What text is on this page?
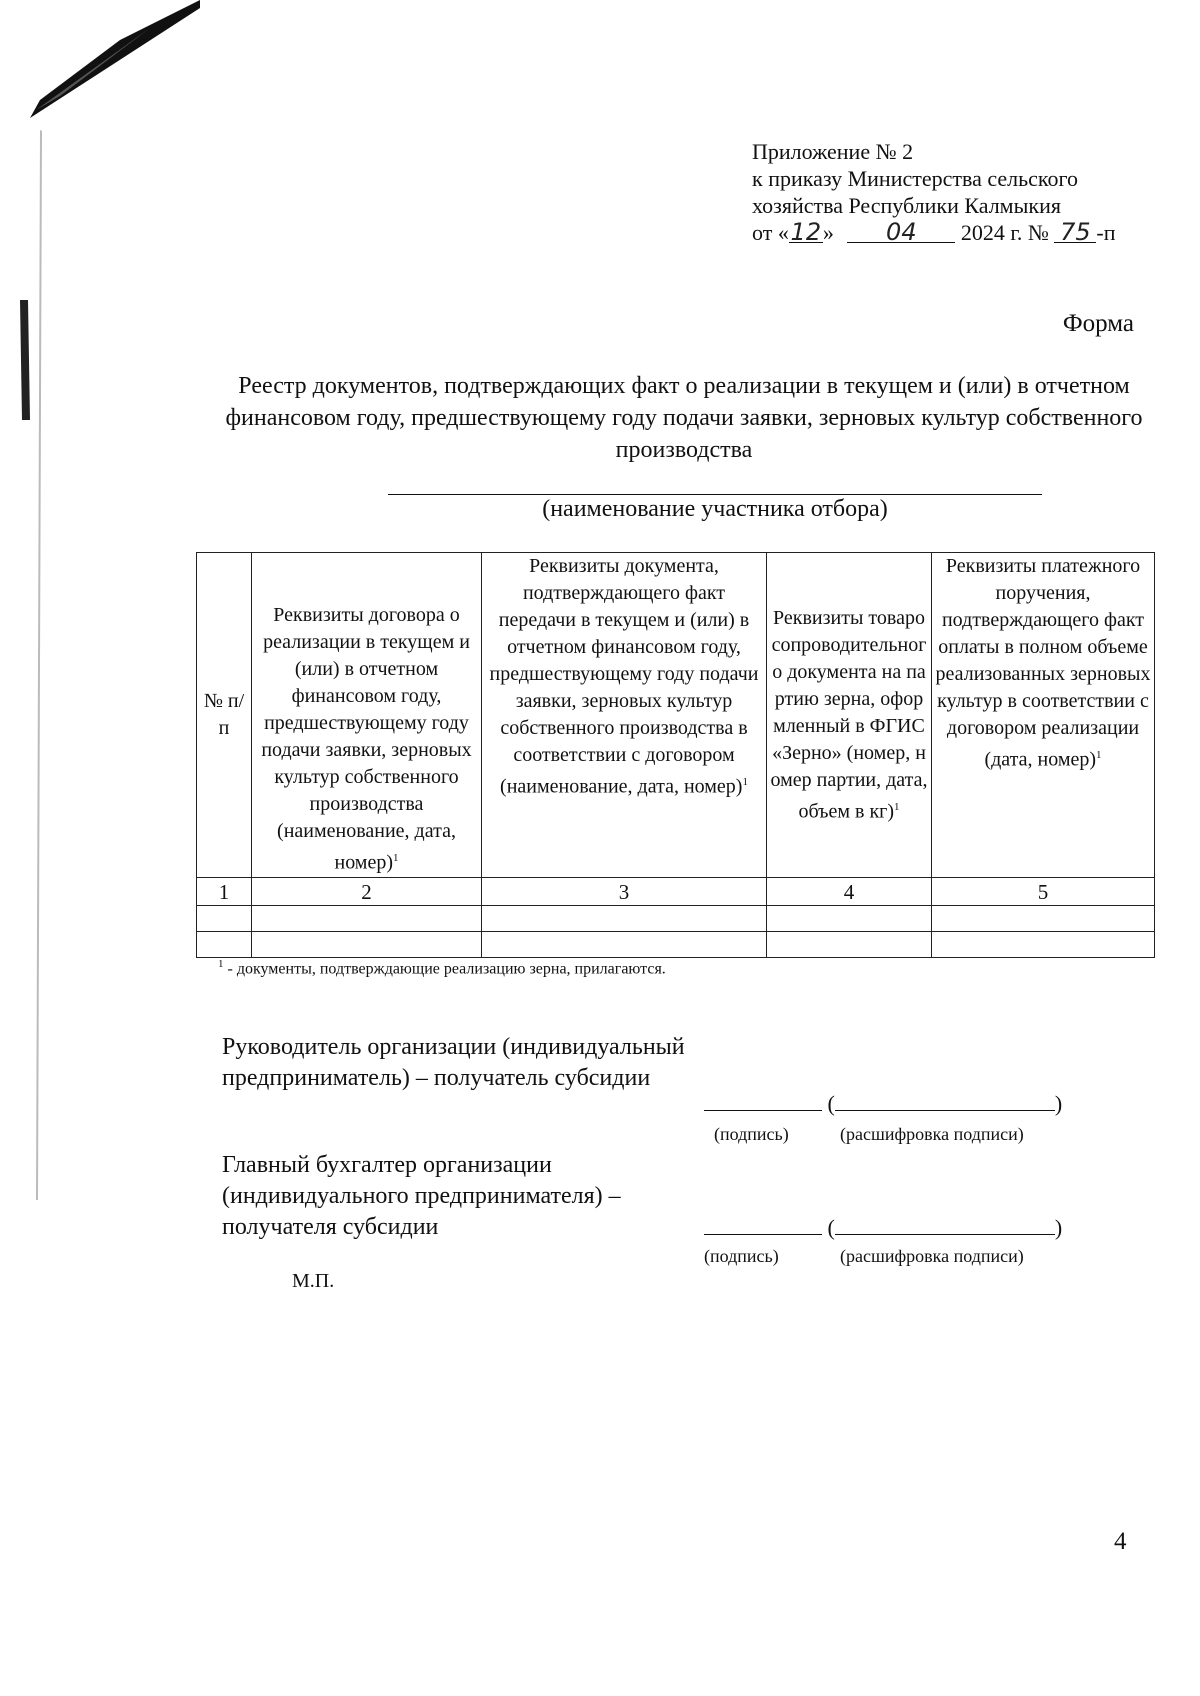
Приложение № 2
к приказу Министерства сельского
хозяйства Республики Калмыкия
от «12» 04 2024 г. № 75 -п
Форма
Реестр документов, подтверждающих факт о реализации в текущем и (или) в отчетном финансовом году, предшествующему году подачи заявки, зерновых культур собственного производства
(наименование участника отбора)
№ п/п	Реквизиты договора о реализации в текущем и (или) в отчетном финансовом году, предшествующему году подачи заявки, зерновых культур собственного производства (наименование, дата, номер)$^1$	Реквизиты документа, подтверждающего факт передачи в текущем и (или) в отчетном финансовом году, предшествующему году подачи заявки, зерновых культур собственного производства в соответствии с договором (наименование, дата, номер)$^1$	Реквизиты товаросопроводительного документа на партию зерна, оформленный в ФГИС «Зерно» (номер, номер партии, дата, объем в кг)$^1$	Реквизиты платежного поручения, подтверждающего факт оплаты в полном объеме реализованных зерновых культур в соответствии с договором реализации (дата, номер)$^1$
1	2	3	4	5

$^1$ - документы, подтверждающие реализацию зерна, прилагаются.
Руководитель организации (индивидуальный предприниматель) – получатель субсидии
(	)
(подпись)	(расшифровка подписи)
Главный бухгалтер организации (индивидуального предпринимателя) – получателя субсидии	(	)
(подпись)	(расшифровка подписи)
М.П.
4
